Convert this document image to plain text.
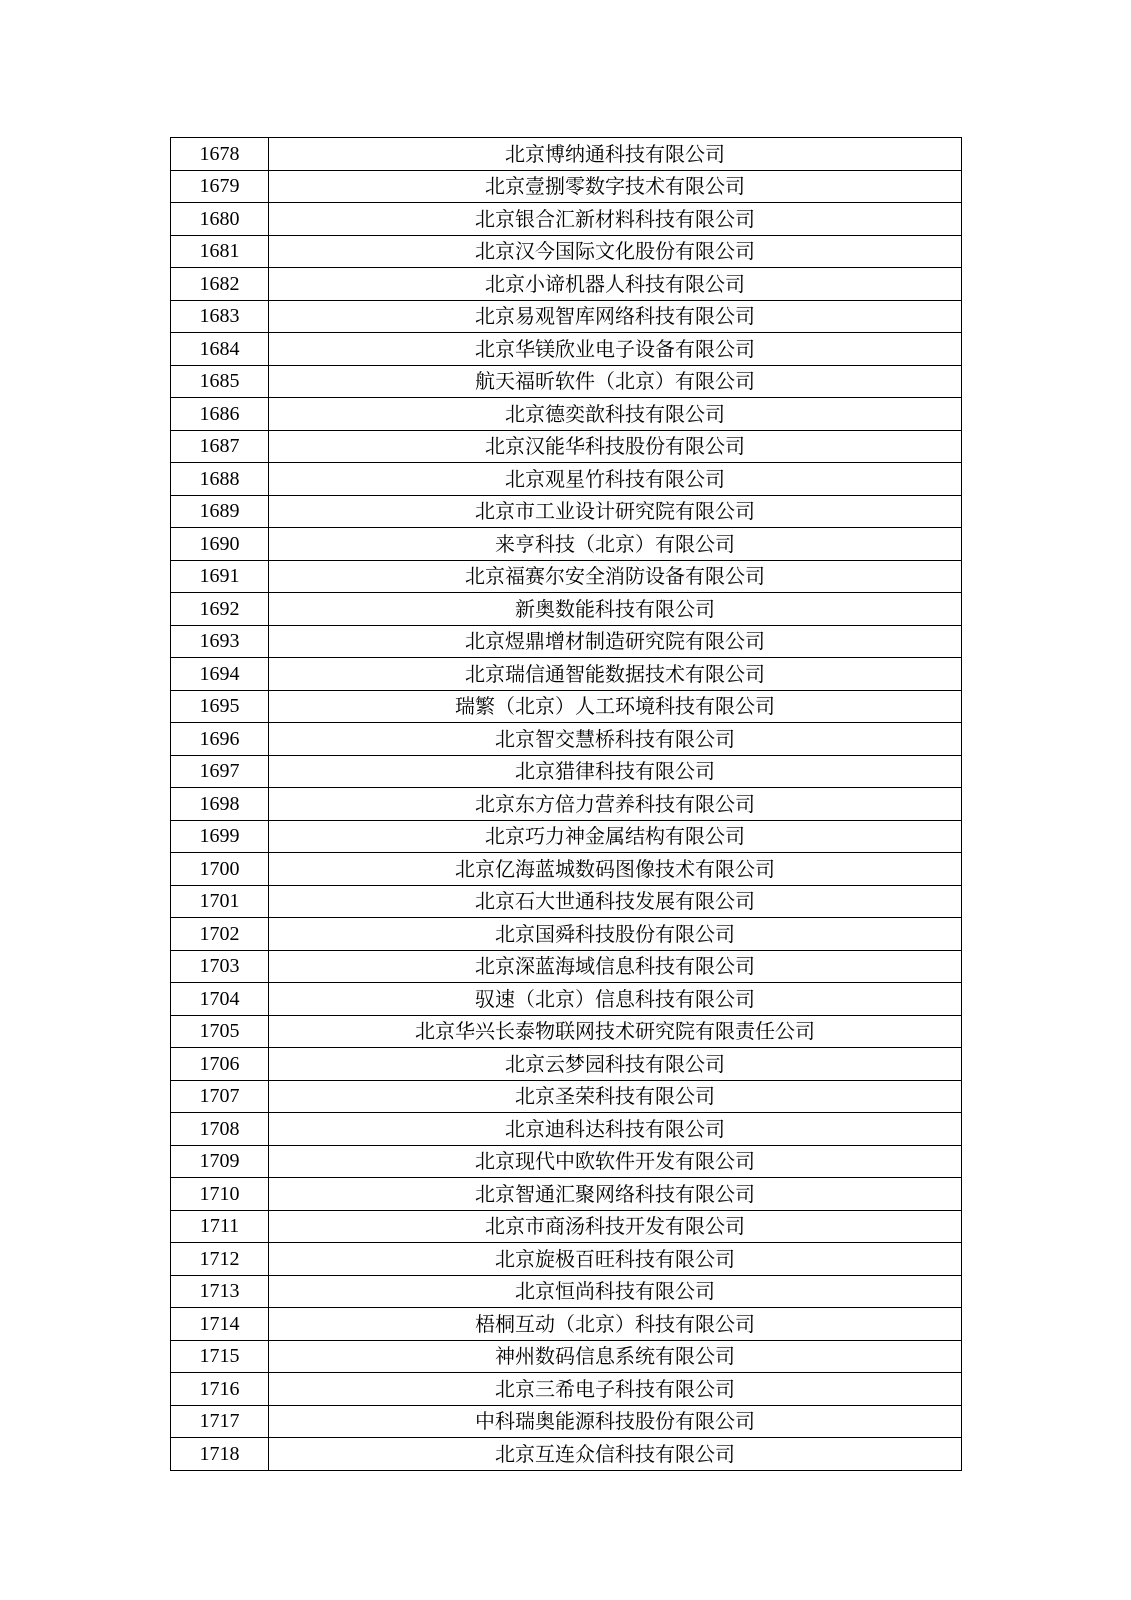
1678	北京博纳通科技有限公司
1679	北京壹捌零数字技术有限公司
1680	北京银合汇新材料科技有限公司
1681	北京汉今国际文化股份有限公司
1682	北京小谛机器人科技有限公司
1683	北京易观智库网络科技有限公司
1684	北京华镁欣业电子设备有限公司
1685	航天福昕软件（北京）有限公司
1686	北京德奕歆科技有限公司
1687	北京汉能华科技股份有限公司
1688	北京观星竹科技有限公司
1689	北京市工业设计研究院有限公司
1690	来亨科技（北京）有限公司
1691	北京福赛尔安全消防设备有限公司
1692	新奥数能科技有限公司
1693	北京煜鼎增材制造研究院有限公司
1694	北京瑞信通智能数据技术有限公司
1695	瑞繁（北京）人工环境科技有限公司
1696	北京智交慧桥科技有限公司
1697	北京猎律科技有限公司
1698	北京东方倍力营养科技有限公司
1699	北京巧力神金属结构有限公司
1700	北京亿海蓝城数码图像技术有限公司
1701	北京石大世通科技发展有限公司
1702	北京国舜科技股份有限公司
1703	北京深蓝海域信息科技有限公司
1704	驭速（北京）信息科技有限公司
1705	北京华兴长泰物联网技术研究院有限责任公司
1706	北京云梦园科技有限公司
1707	北京圣荣科技有限公司
1708	北京迪科达科技有限公司
1709	北京现代中欧软件开发有限公司
1710	北京智通汇聚网络科技有限公司
1711	北京市商汤科技开发有限公司
1712	北京旋极百旺科技有限公司
1713	北京恒尚科技有限公司
1714	梧桐互动（北京）科技有限公司
1715	神州数码信息系统有限公司
1716	北京三希电子科技有限公司
1717	中科瑞奥能源科技股份有限公司
1718	北京互连众信科技有限公司
